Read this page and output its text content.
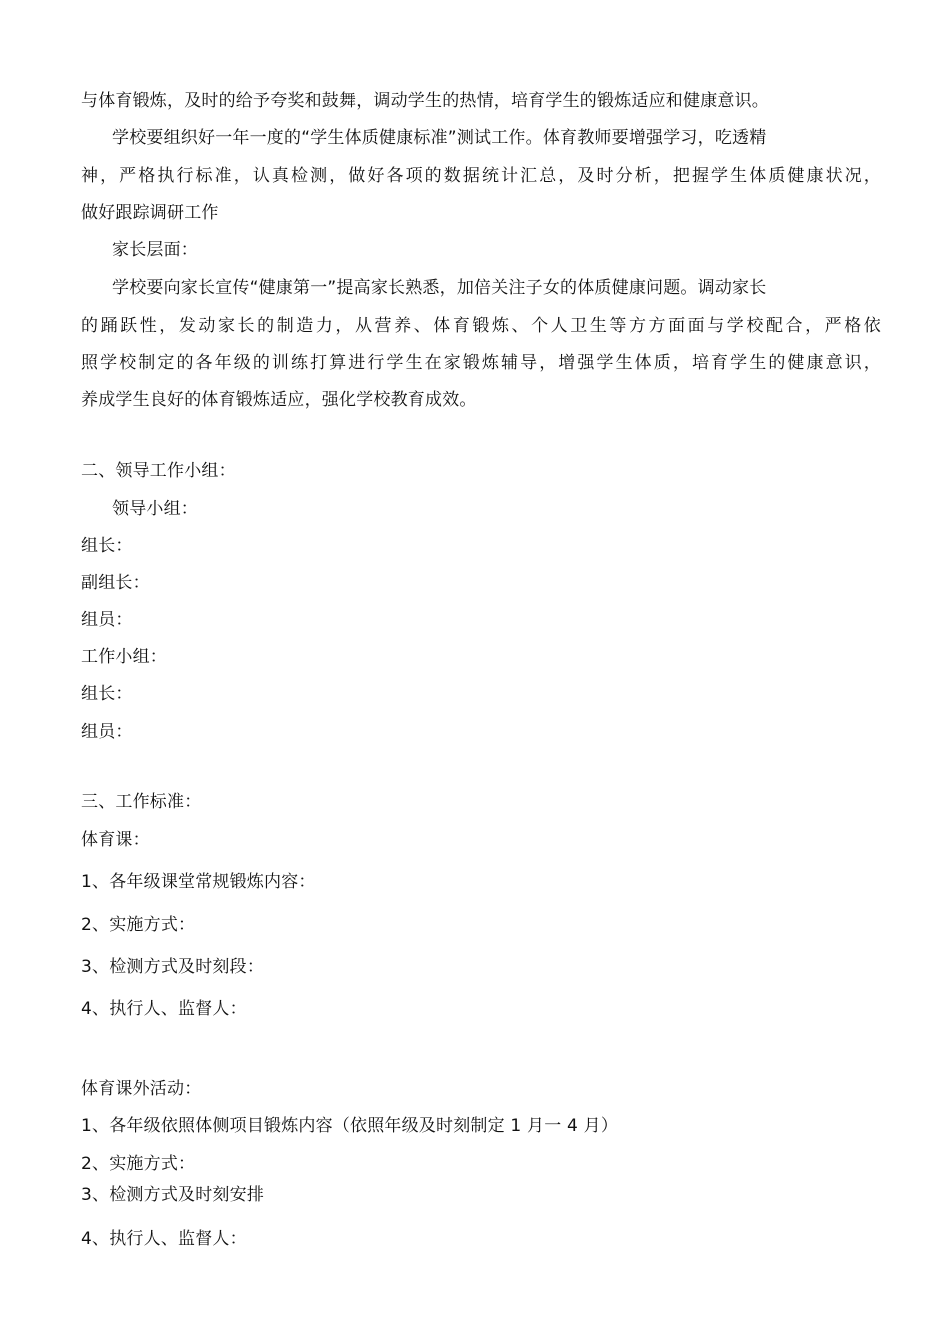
与体育锻炼，及时的给予夸奖和鼓舞，调动学生的热情，培育学生的锻炼适应和健康意识。
学校要组织好一年一度的“学生体质健康标准”测试工作。体育教师要增强学习，吃透精
神，严格执行标准，认真检测，做好各项的数据统计汇总，及时分析，把握学生体质健康状况，
做好跟踪调研工作
家长层面：
学校要向家长宣传“健康第一”提高家长熟悉，加倍关注子女的体质健康问题。调动家长
的踊跃性，发动家长的制造力，从营养、体育锻炼、个人卫生等方方面面与学校配合，严格依
照学校制定的各年级的训练打算进行学生在家锻炼辅导，增强学生体质，培育学生的健康意识，
养成学生良好的体育锻炼适应，强化学校教育成效。
二、领导工作小组：
领导小组：
组长：
副组长：
组员：
工作小组：
组长：
组员：
三、工作标准：
体育课：
1、各年级课堂常规锻炼内容：
2、实施方式：
3、检测方式及时刻段：
4、执行人、监督人：
体育课外活动：
1、各年级依照体侧项目锻炼内容（依照年级及时刻制定 1 月一 4 月）
2、实施方式：
3、检测方式及时刻安排
4、执行人、监督人：
